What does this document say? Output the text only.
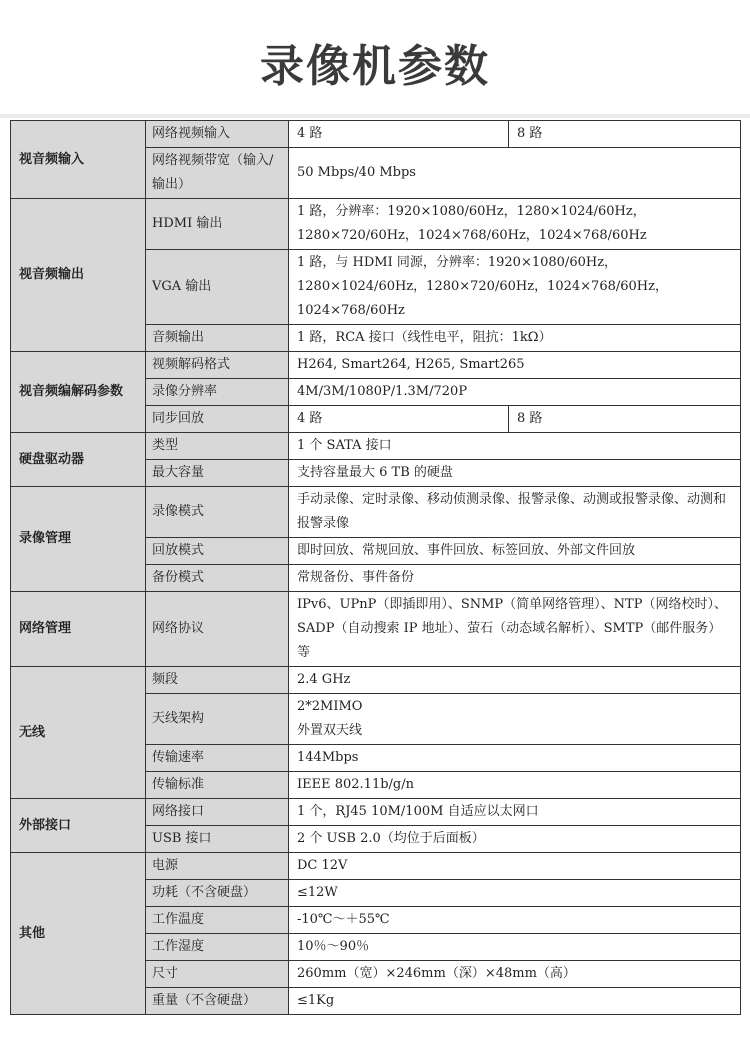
录像机参数
视音频输入	网络视频输入	4 路	8 路
	网络视频带宽（输入/输出）	50 Mbps/40 Mbps	
视音频输出	HDMI 输出	1 路，分辨率：1920×1080/60Hz，1280×1024/60Hz，1280×720/60Hz，1024×768/60Hz，1024×768/60Hz	
	VGA 输出	1 路，与 HDMI 同源，分辨率：1920×1080/60Hz，1280×1024/60Hz，1280×720/60Hz，1024×768/60Hz，1024×768/60Hz	
	音频输出	1 路，RCA 接口（线性电平，阻抗：1kΩ）	
视音频编解码参数	视频解码格式	H264, Smart264, H265, Smart265	
	录像分辨率	4M/3M/1080P/1.3M/720P	
	同步回放	4 路	8 路
硬盘驱动器	类型	1 个 SATA 接口	
	最大容量	支持容量最大 6 TB 的硬盘	
录像管理	录像模式	手动录像、定时录像、移动侦测录像、报警录像、动测或报警录像、动测和报警录像	
	回放模式	即时回放、常规回放、事件回放、标签回放、外部文件回放	
	备份模式	常规备份、事件备份	
网络管理	网络协议	IPv6、UPnP（即插即用）、SNMP（简单网络管理）、NTP（网络校时）、SADP（自动搜索 IP 地址）、萤石（动态域名解析）、SMTP（邮件服务）等	
无线	频段	2.4 GHz	
	天线架构	2*2MIMO
外置双天线	
	传输速率	144Mbps	
	传输标准	IEEE 802.11b/g/n	
外部接口	网络接口	1 个，RJ45 10M/100M 自适应以太网口	
	USB 接口	2 个 USB 2.0（均位于后面板）	
其他	电源	DC 12V	
	功耗（不含硬盘）	≤12W	
	工作温度	-10℃～＋55℃	
	工作湿度	10％～90％	
	尺寸	260mm（宽）×246mm（深）×48mm（高）	
	重量（不含硬盘）	≤1Kg	
